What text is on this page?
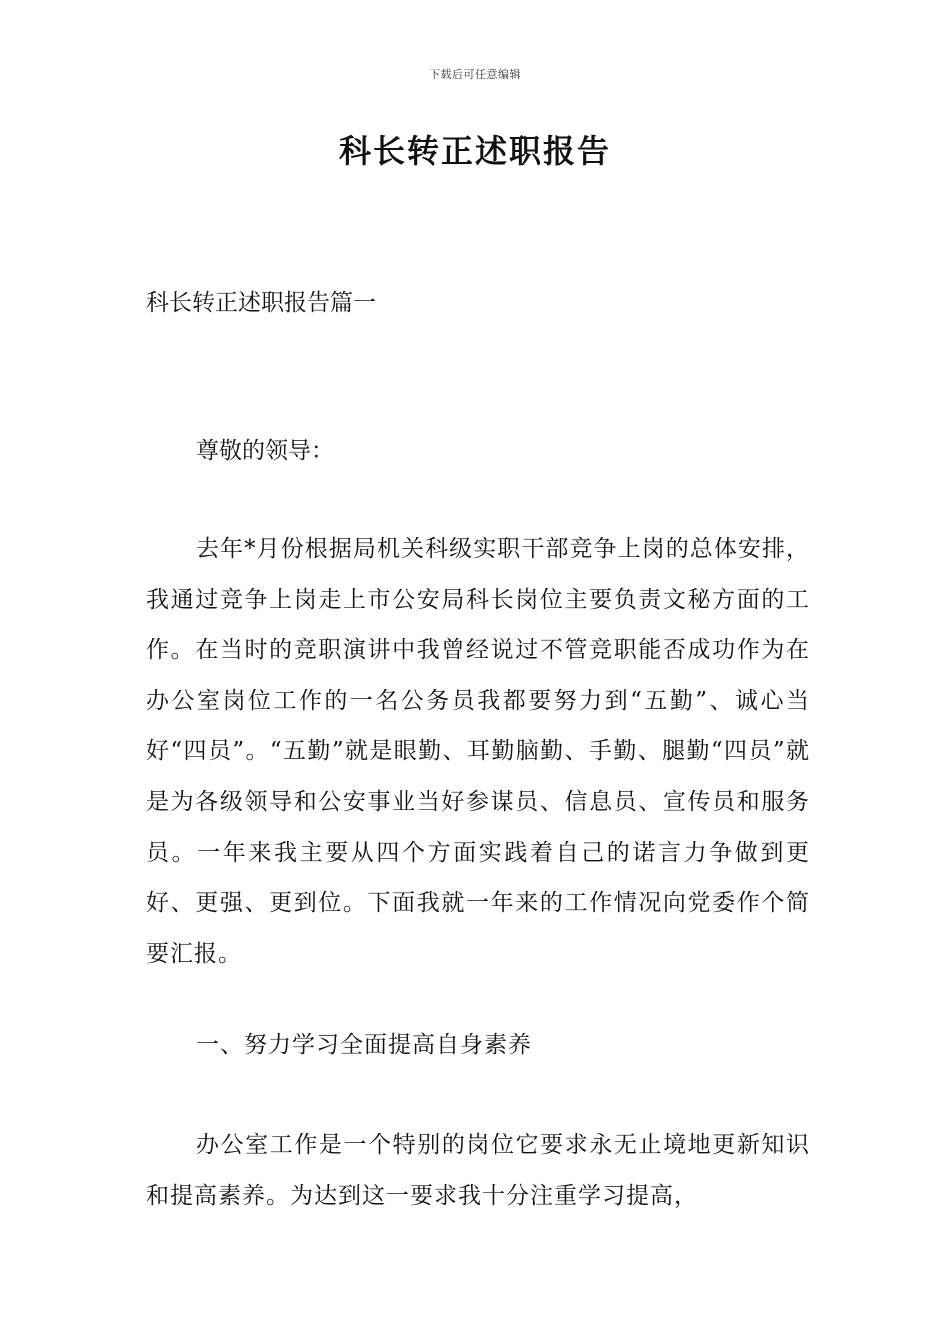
下载后可任意编辑
科长转正述职报告

科长转正述职报告篇一

尊敬的领导：

去年*月份根据局机关科级实职干部竞争上岗的总体安排，我通过竞争上岗走上市公安局科长岗位主要负责文秘方面的工作。在当时的竞职演讲中我曾经说过不管竞职能否成功作为在办公室岗位工作的一名公务员我都要努力到“五勤”、诚心当好“四员”。“五勤”就是眼勤、耳勤脑勤、手勤、腿勤“四员”就是为各级领导和公安事业当好参谋员、信息员、宣传员和服务员。一年来我主要从四个方面实践着自己的诺言力争做到更好、更强、更到位。下面我就一年来的工作情况向党委作个简要汇报。

一、努力学习全面提高自身素养

办公室工作是一个特别的岗位它要求永无止境地更新知识和提高素养。为达到这一要求我十分注重学习提高，
